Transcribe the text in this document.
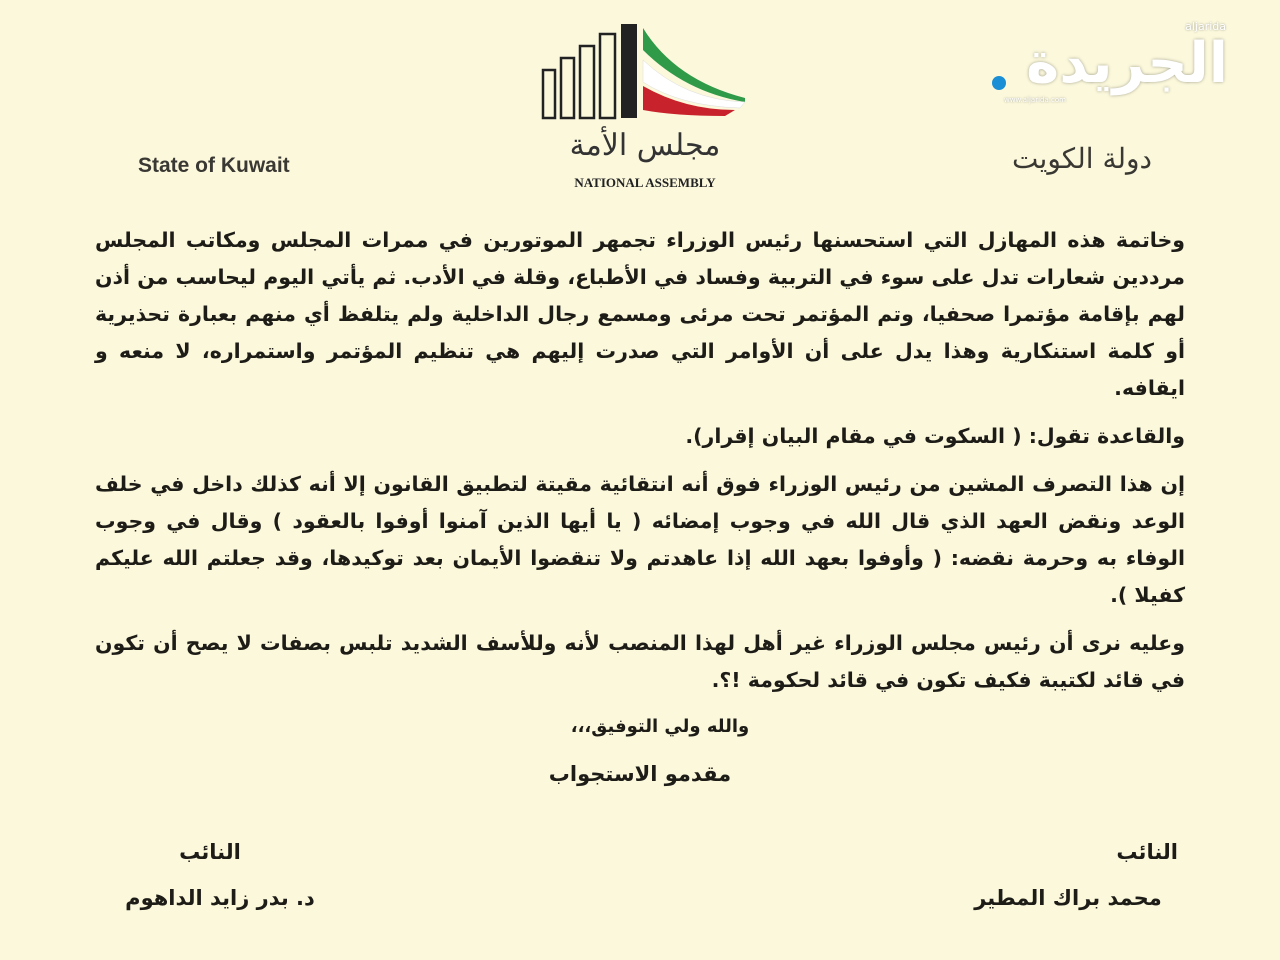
State of Kuwait	دولة الكويت
مجلس الأمة
NATIONAL ASSEMBLY
aljarida
الجريدة
www.aljarida.com

وخاتمة هذه المهازل التي استحسنها رئيس الوزراء تجمهر الموتورين في ممرات المجلس ومكاتب المجلس مرددين شعارات تدل على سوء في التربية وفساد في الأطباع، وقلة في الأدب. ثم يأتي اليوم ليحاسب من أذن لهم بإقامة مؤتمرا صحفيا، وتم المؤتمر تحت مرئى ومسمع رجال الداخلية ولم يتلفظ أي منهم بعبارة تحذيرية أو كلمة استنكارية وهذا يدل على أن الأوامر التي صدرت إليهم هي تنظيم المؤتمر واستمراره، لا منعه و ايقافه.

والقاعدة تقول: ( السكوت في مقام البيان إقرار).

إن هذا التصرف المشين من رئيس الوزراء فوق أنه انتقائية مقيتة لتطبيق القانون إلا أنه كذلك داخل في خلف الوعد ونقض العهد الذي قال الله في وجوب إمضائه ( يا أيها الذين آمنوا أوفوا بالعقود ) وقال في وجوب الوفاء به وحرمة نقضه: ( وأوفوا بعهد الله إذا عاهدتم ولا تنقضوا الأيمان بعد توكيدها، وقد جعلتم الله عليكم كفيلا ).

وعليه نرى أن رئيس مجلس الوزراء غير أهل لهذا المنصب لأنه وللأسف الشديد تلبس بصفات لا يصح أن تكون في قائد لكتيبة فكيف تكون في قائد لحكومة !؟.

والله ولي التوفيق،،،
مقدمو الاستجواب
النائب
محمد براك المطير
النائب
د. بدر زايد الداهوم
